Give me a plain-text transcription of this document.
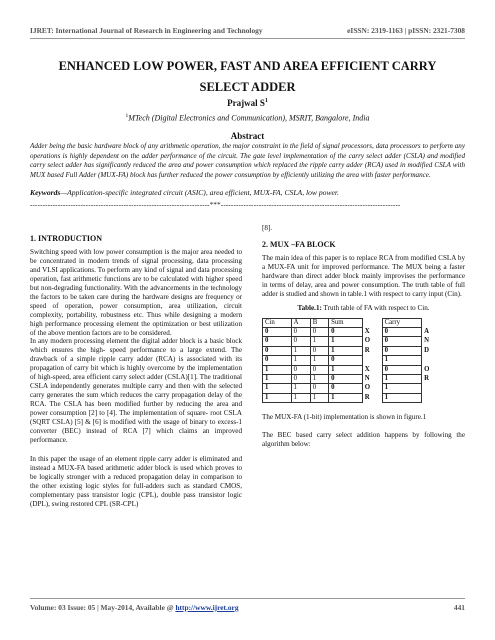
IJRET: International Journal of Research in Engineering and Technology	eISSN: 2319-1163 | pISSN: 2321-7308
ENHANCED LOW POWER, FAST AND AREA EFFICIENT CARRY
SELECT ADDER
Prajwal $S^1$
$^1$MTech (Digital Electronics and Communication), MSRIT, Bangalore, India
Abstract
Adder being the basic hardware block of any arithmetic operation, the major constraint in the field of signal processors, data processors to perform any operations is highly dependent on the adder performance of the circuit. The gate level implementation of the carry select adder (CSLA) and modified carry select adder has significantly reduced the area and power consumption which replaced the ripple carry adder (RCA) used in modified CSLA with MUX based Full Adder (MUX-FA) block has further reduced the power consumption by efficiently utilizing the area with faster performance.
Keywords—Application-specific integrated circuit (ASIC), area efficient, MUX-FA, CSLA, low power.
-----------------------------------------------------------------------***-----------------------------------------------------------------------
1. INTRODUCTION

Switching speed with low power consumption is the major area needed to be concentrated in modern trends of signal processing, data processing and VLSI applications. To perform any kind of signal and data processing operation, fast arithmetic functions are to be calculated with higher speed but non-degrading functionality. With the advancements in the technology the factors to be taken care during the hardware designs are frequency or speed of operation, power consumption, area utilization, circuit complexity, portability, robustness etc. Thus while designing a modern high performance processing element the optimization or best utilization of the above mention factors are to be considered.

In any modern processing element the digital adder block is a basic block which ensures the high- speed performance to a large extend. The drawback of a simple ripple carry adder (RCA) is associated with its propagation of carry bit which is highly overcome by the implementation of high-speed, area efficient carry select adder (CSLA)[1]. The traditional CSLA independently generates multiple carry and then with the selected carry generates the sum which reduces the carry propagation delay of the RCA. The CSLA has been modified further by reducing the area and power consumption [2] to [4]. The implementation of square- root CSLA (SQRT CSLA) [5] & [6] is modified with the usage of binary to excess-1 converter (BEC) instead of RCA [7] which claims an improved performance.

In this paper the usage of an element ripple carry adder is eliminated and instead a MUX-FA based arithmetic adder block is used which proves to be logically stronger with a reduced propagation delay in comparison to the other existing logic styles for full-adders such as standard CMOS, complementary pass transistor logic (CPL), double pass transistor logic (DPL), swing restored CPL (SR-CPL)

[8].

2. MUX –FA BLOCK

The main idea of this paper is to replace RCA from modified CSLA by a MUX-FA unit for improved performance. The MUX being a faster hardware than direct adder block mainly improvises the performance in terms of delay, area and power consumption. The truth table of full adder is studied and shown in table.1 with respect to carry input (Cin).

Table.1: Truth table of FA with respect to Cin.
Cin	A	B	Sum		Carry	
0	0	0	0	X	0	A
0	0	1	1	O	0	N
0	1	0	1	R	0	D
0	1	1	0		1	
1	0	0	1	X	0	O
1	0	1	0	N	1	R
1	1	0	0	O	1	
1	1	1	1	R	1	

The MUX-FA (1-bit) implementation is shown in figure.1

The BEC based carry select addition happens by following the algorithm below:

Volume: 03 Issue: 05 | May-2014, Available @ http://www.ijret.org	441
